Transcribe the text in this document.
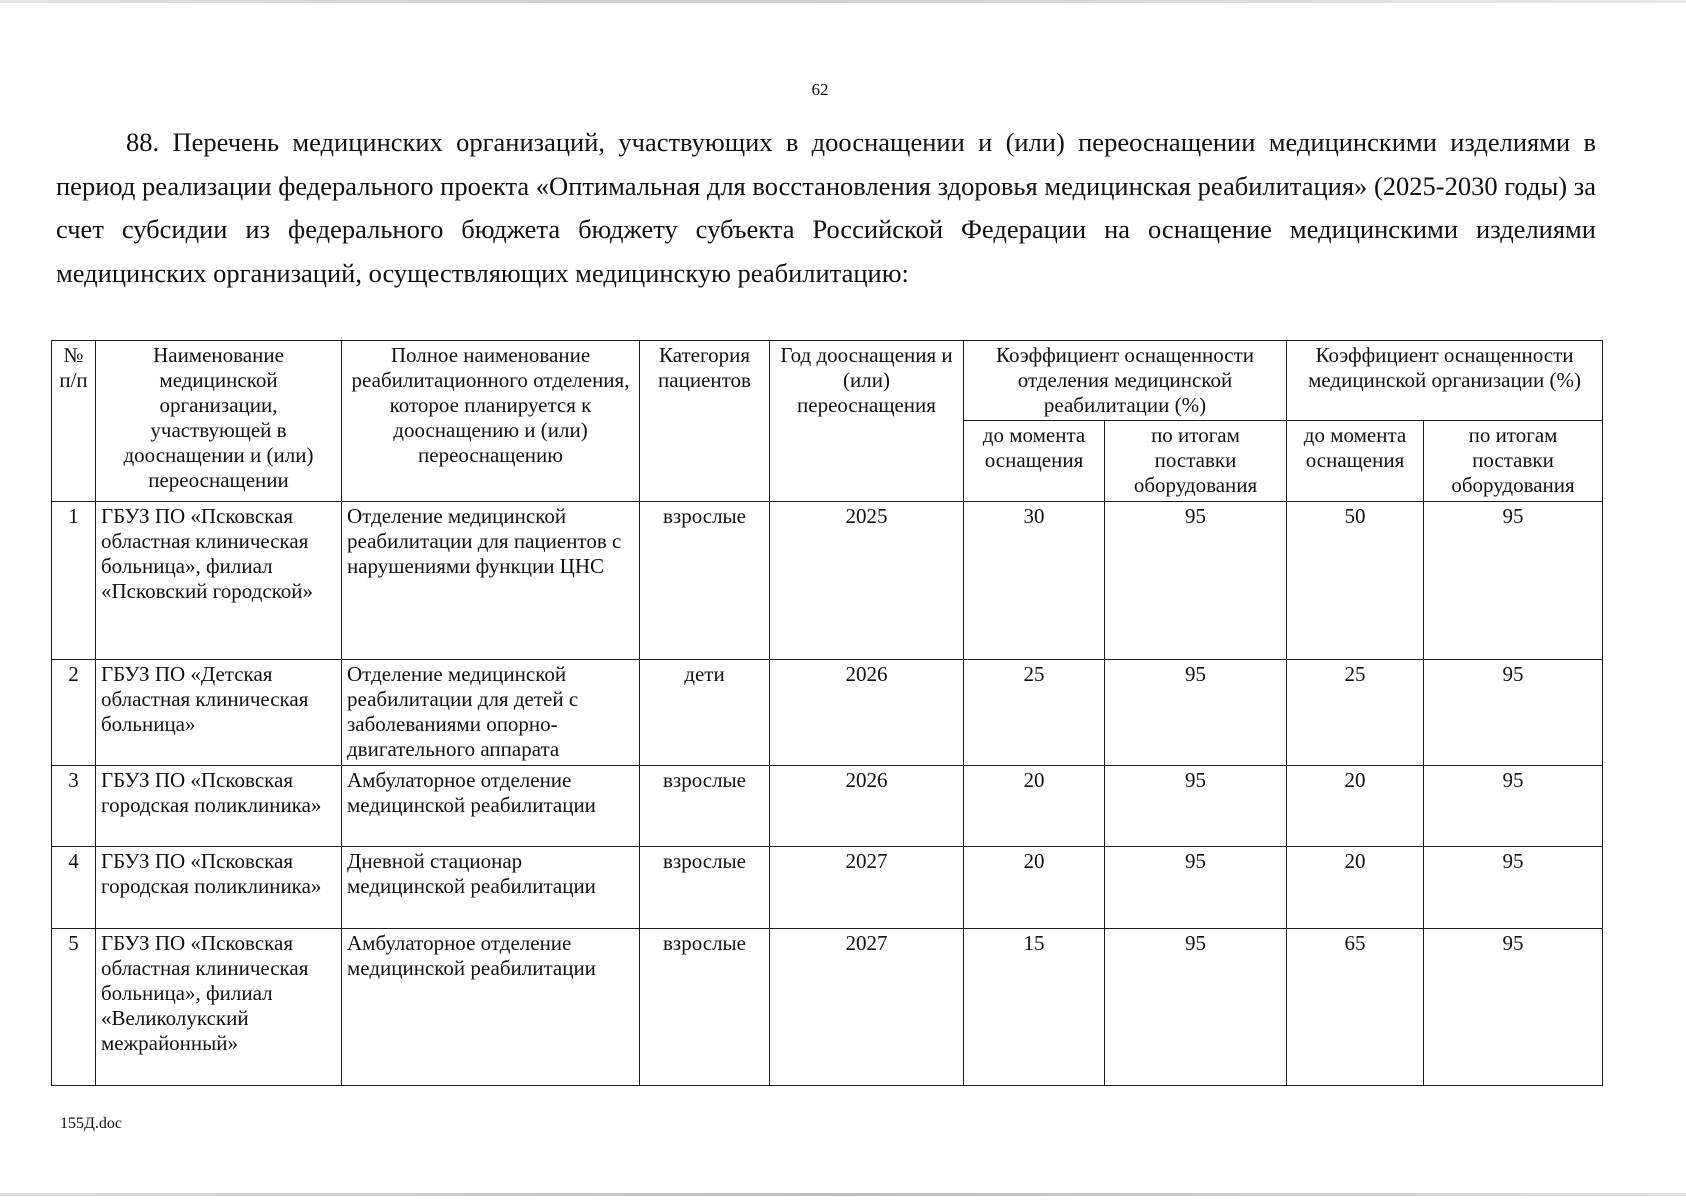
62

88. Перечень медицинских организаций, участвующих в дооснащении и (или) переоснащении медицинскими изделиями в период реализации федерального проекта «Оптимальная для восстановления здоровья медицинская реабилитация» (2025-2030 годы) за счет субсидии из федерального бюджета бюджету субъекта Российской Федерации на оснащение медицинскими изделиями медицинских организаций, осуществляющих медицинскую реабилитацию:

№ п/п	Наименование медицинской организации, участвующей в дооснащении и (или) переоснащении	Полное наименование реабилитационного отделения, которое планируется к дооснащению и (или) переоснащению	Категория пациентов	Год дооснащения и (или) переоснащения	Коэффициент оснащенности отделения медицинской реабилитации (%)		Коэффициент оснащенности медицинской организации (%)	
					до момента оснащения	по итогам поставки оборудования	до момента оснащения	по итогам поставки оборудования
1	ГБУЗ ПО «Псковская областная клиническая больница», филиал «Псковский городской»	Отделение медицинской реабилитации для пациентов с нарушениями функции ЦНС	взрослые	2025	30	95	50	95
2	ГБУЗ ПО «Детская областная клиническая больница»	Отделение медицинской реабилитации для детей с заболеваниями опорно-двигательного аппарата	дети	2026	25	95	25	95
3	ГБУЗ ПО «Псковская городская поликлиника»	Амбулаторное отделение медицинской реабилитации	взрослые	2026	20	95	20	95
4	ГБУЗ ПО «Псковская городская поликлиника»	Дневной стационар медицинской реабилитации	взрослые	2027	20	95	20	95
5	ГБУЗ ПО «Псковская областная клиническая больница», филиал «Великолукский межрайонный»	Амбулаторное отделение медицинской реабилитации	взрослые	2027	15	95	65	95
155Д.doc
